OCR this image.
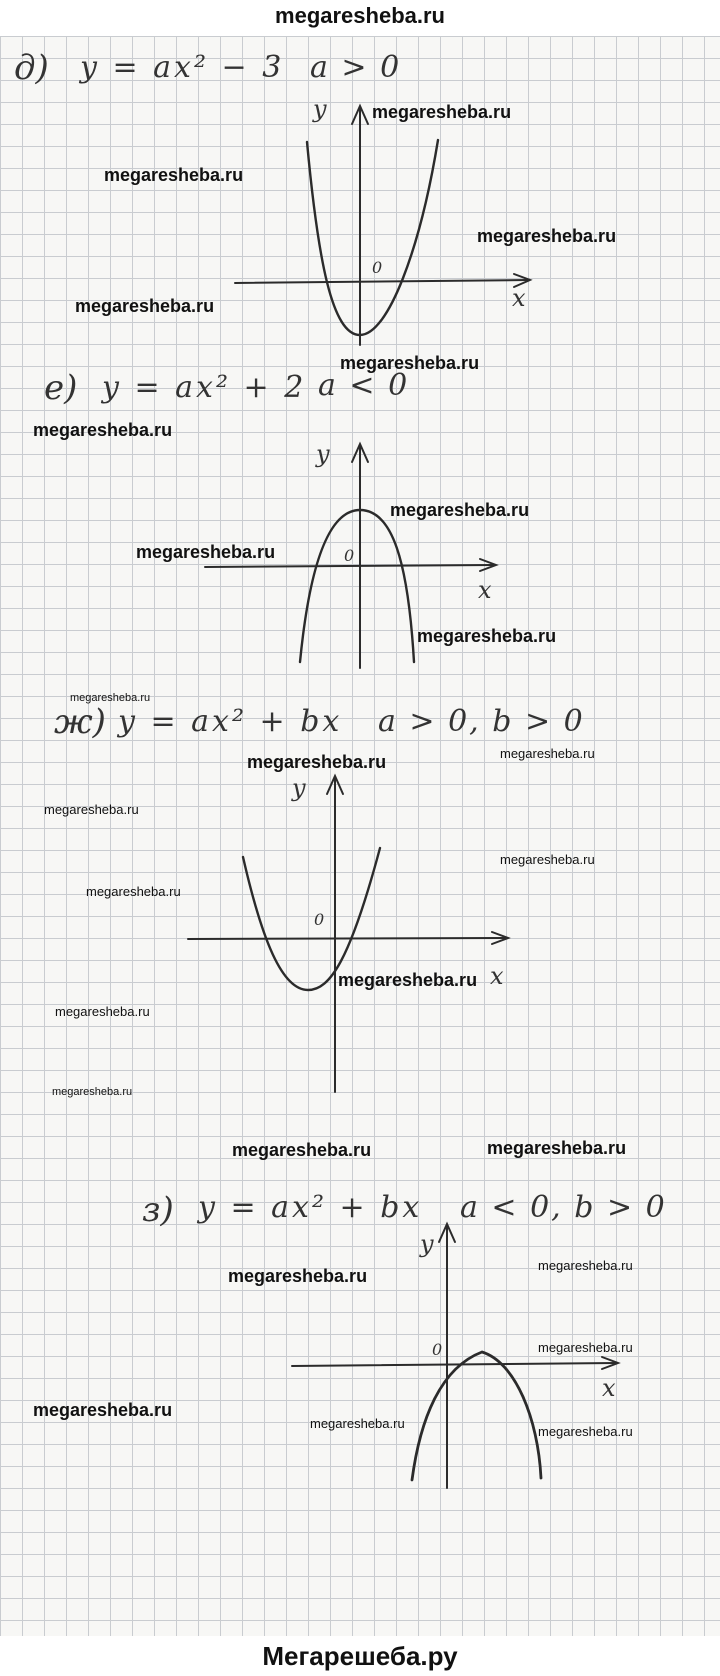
megaresheba.ru
Мегарешеба.ру
д) y = ax² − 3 a > 0
y
0
x
е) y = ax² + 2 a < 0
y
0
x
ж) y = ax² + bx a > 0, b > 0
y
0
x
з) y = ax² + bx a < 0, b > 0
y
0
x
megaresheba.ru
megaresheba.ru
megaresheba.ru
megaresheba.ru
megaresheba.ru
megaresheba.ru
megaresheba.ru
megaresheba.ru
megaresheba.ru
megaresheba.ru
megaresheba.ru
megaresheba.ru
megaresheba.ru
megaresheba.ru
megaresheba.ru
megaresheba.ru
megaresheba.ru
megaresheba.ru
megaresheba.ru	megaresheba.ru
megaresheba.ru
megaresheba.ru
megaresheba.ru
megaresheba.ru
megaresheba.ru
megaresheba.ru
